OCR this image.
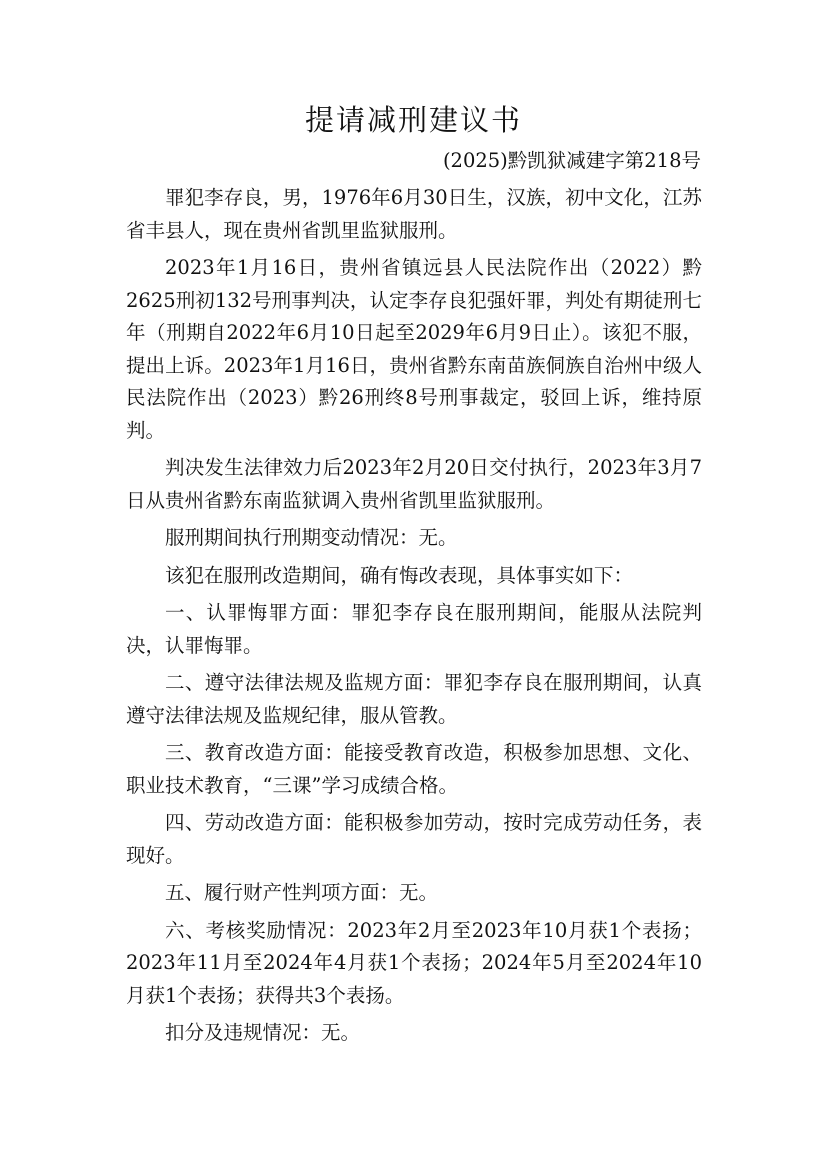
提请减刑建议书
(2025)黔凯狱减建字第218号

罪犯李存良，男，1976年6月30日生，汉族，初中文化，江苏省丰县人，现在贵州省凯里监狱服刑。

2023年1月16日，贵州省镇远县人民法院作出（2022）黔2625刑初132号刑事判决，认定李存良犯强奸罪，判处有期徒刑七年（刑期自2022年6月10日起至2029年6月9日止）。该犯不服，提出上诉。2023年1月16日，贵州省黔东南苗族侗族自治州中级人民法院作出（2023）黔26刑终8号刑事裁定，驳回上诉，维持原判。

判决发生法律效力后2023年2月20日交付执行，2023年3月7日从贵州省黔东南监狱调入贵州省凯里监狱服刑。

服刑期间执行刑期变动情况：无。

该犯在服刑改造期间，确有悔改表现，具体事实如下：

一、认罪悔罪方面：罪犯李存良在服刑期间，能服从法院判决，认罪悔罪。

二、遵守法律法规及监规方面：罪犯李存良在服刑期间，认真遵守法律法规及监规纪律，服从管教。

三、教育改造方面：能接受教育改造，积极参加思想、文化、职业技术教育，“三课”学习成绩合格。

四、劳动改造方面：能积极参加劳动，按时完成劳动任务，表现好。

五、履行财产性判项方面：无。

六、考核奖励情况：2023年2月至2023年10月获1个表扬；2023年11月至2024年4月获1个表扬；2024年5月至2024年10月获1个表扬；获得共3个表扬。

扣分及违规情况：无。
